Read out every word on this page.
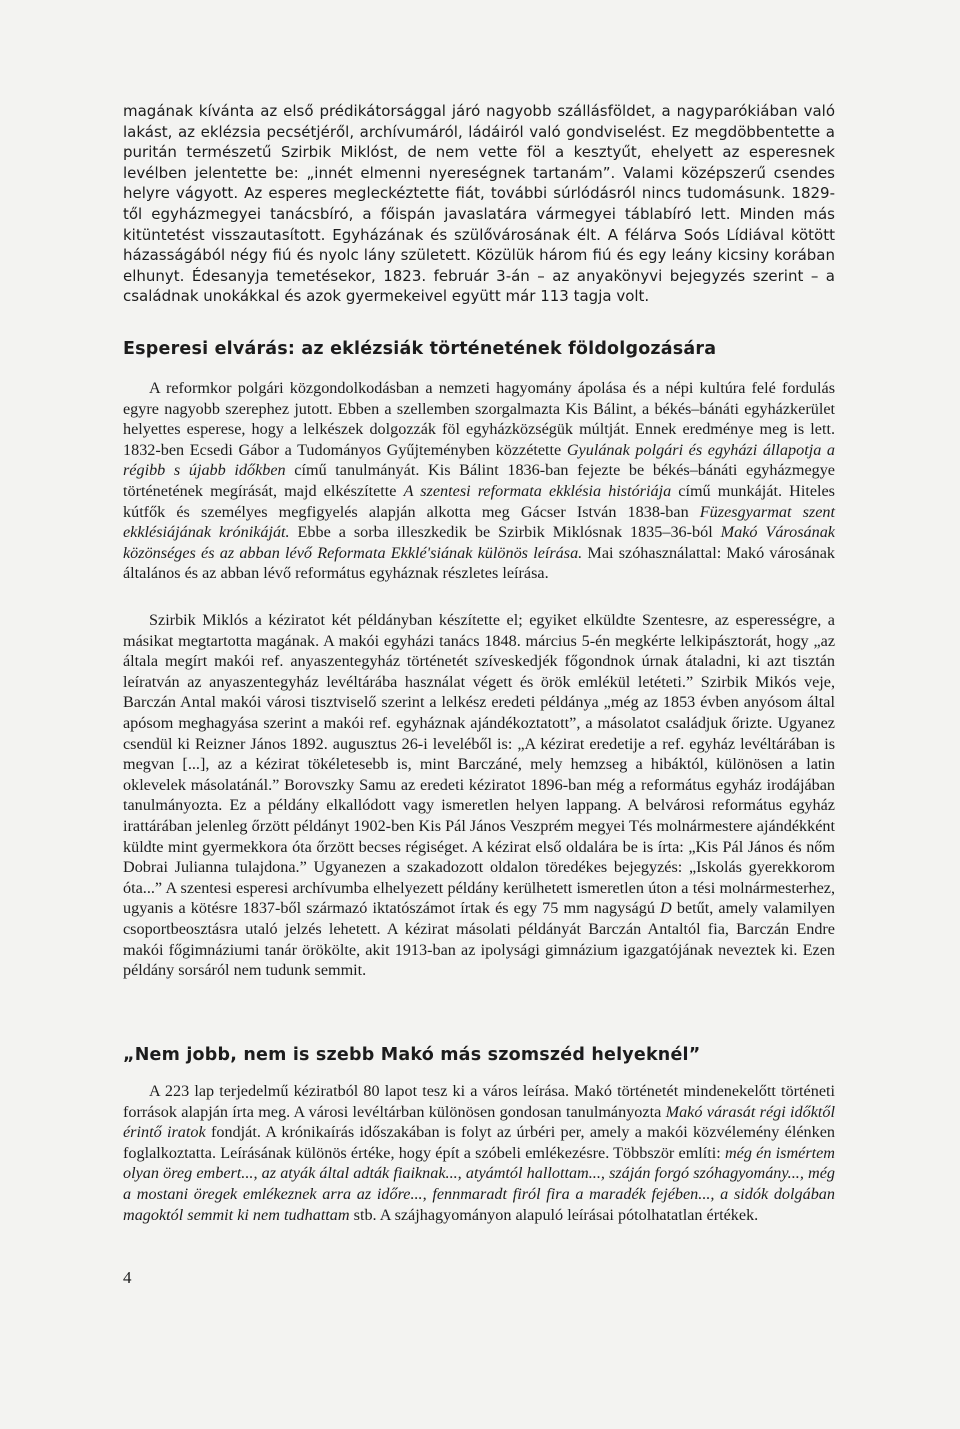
magának kívánta az első prédikátorsággal járó nagyobb szállásföldet, a nagyparókiában való lakást, az eklézsia pecsétjéről, archívumáról, ládáiról való gondviselést. Ez megdöbbentette a puritán természetű Szirbik Miklóst, de nem vette föl a kesztyűt, ehelyett az esperesnek levélben jelentette be: „innét elmenni nyereségnek tartanám”. Valami középszerű csendes helyre vágyott. Az esperes megleckéztette fiát, további súrlódásról nincs tudomásunk. 1829-től egyházmegyei tanácsbíró, a főispán javaslatára vármegyei táblabíró lett. Minden más kitüntetést visszautasított. Egyházának és szülővárosának élt. A félárva Soós Lídiával kötött házasságából négy fiú és nyolc lány született. Közülük három fiú és egy leány kicsiny korában elhunyt. Édesanyja temetésekor, 1823. február 3-án – az anyakönyvi bejegyzés szerint – a családnak unokákkal és azok gyermekeivel együtt már 113 tagja volt.

Esperesi elvárás: az eklézsiák történetének földolgozására

A reformkor polgári közgondolkodásban a nemzeti hagyomány ápolása és a népi kultúra felé fordulás egyre nagyobb szerephez jutott. Ebben a szellemben szorgalmazta Kis Bálint, a békés–bánáti egyházkerület helyettes esperese, hogy a lelkészek dolgozzák föl egyházközségük múltját. Ennek eredménye meg is lett. 1832-ben Ecsedi Gábor a Tudományos Gyűjteményben közzétette Gyulának polgári és egyházi állapotja a régibb s újabb időkben című tanulmányát. Kis Bálint 1836-ban fejezte be békés–bánáti egyházmegye történetének megírását, majd elkészítette A szentesi reformata ekklésia históriája című munkáját. Hiteles kútfők és személyes megfigyelés alapján alkotta meg Gácser István 1838-ban Füzesgyarmat szent ekklésiájának krónikáját. Ebbe a sorba illeszkedik be Szirbik Miklósnak 1835–36-ból Makó Városának közönséges és az abban lévő Reformata Ekklé'siának különös leírása. Mai szóhasználattal: Makó városának általános és az abban lévő református egyháznak részletes leírása.

Szirbik Miklós a kéziratot két példányban készítette el; egyiket elküldte Szentesre, az esperességre, a másikat megtartotta magának. A makói egyházi tanács 1848. március 5-én megkérte lelkipásztorát, hogy „az általa megírt makói ref. anyaszentegyház történetét szíveskedjék főgondnok úrnak átaladni, ki azt tisztán leíratván az anyaszentegyház levéltárába használat végett és örök emlékül letéteti.” Szirbik Mikós veje, Barczán Antal makói városi tisztviselő szerint a lelkész eredeti példánya „még az 1853 évben anyósom által apósom meghagyása szerint a makói ref. egyháznak ajándékoztatott”, a másolatot családjuk őrizte. Ugyanez csendül ki Reizner János 1892. augusztus 26-i leveléből is: „A kézirat eredetije a ref. egyház levéltárában is megvan [...], az a kézirat tökéletesebb is, mint Barczáné, mely hemzseg a hibáktól, különösen a latin oklevelek másolatánál.” Borovszky Samu az eredeti kéziratot 1896-ban még a református egyház irodájában tanulmányozta. Ez a példány elkallódott vagy ismeretlen helyen lappang. A belvárosi református egyház irattárában jelenleg őrzött példányt 1902-ben Kis Pál János Veszprém megyei Tés molnármestere ajándékként küldte mint gyermekkora óta őrzött becses régiséget. A kézirat első oldalára be is írta: „Kis Pál János és nőm Dobrai Julianna tulajdona.” Ugyanezen a szakadozott oldalon töredékes bejegyzés: „Iskolás gyerekkorom óta...” A szentesi esperesi archívumba elhelyezett példány kerülhetett ismeretlen úton a tési molnármesterhez, ugyanis a kötésre 1837-ből származó iktatószámot írtak és egy 75 mm nagyságú D betűt, amely valamilyen csoportbeosztásra utaló jelzés lehetett. A kézirat másolati példányát Barczán Antaltól fia, Barczán Endre makói főgimnáziumi tanár örökölte, akit 1913-ban az ipolysági gimnázium igazgatójának neveztek ki. Ezen példány sorsáról nem tudunk semmit.

„Nem jobb, nem is szebb Makó más szomszéd helyeknél”

A 223 lap terjedelmű kéziratból 80 lapot tesz ki a város leírása. Makó történetét mindenekelőtt történeti források alapján írta meg. A városi levéltárban különösen gondosan tanulmányozta Makó várasát régi időktől érintő iratok fondját. A krónikaírás időszakában is folyt az úrbéri per, amely a makói közvélemény élénken foglalkoztatta. Leírásának különös értéke, hogy épít a szóbeli emlékezésre. Többször említi: még én ismértem olyan öreg embert..., az atyák által adták fiaiknak..., atyámtól hallottam..., száján forgó szóhagyomány..., még a mostani öregek emlékeznek arra az időre..., fennmaradt firól fira a maradék fejében..., a sidók dolgában magoktól semmit ki nem tudhattam stb. A szájhagyományon alapuló leírásai pótolhatatlan értékek.

4
